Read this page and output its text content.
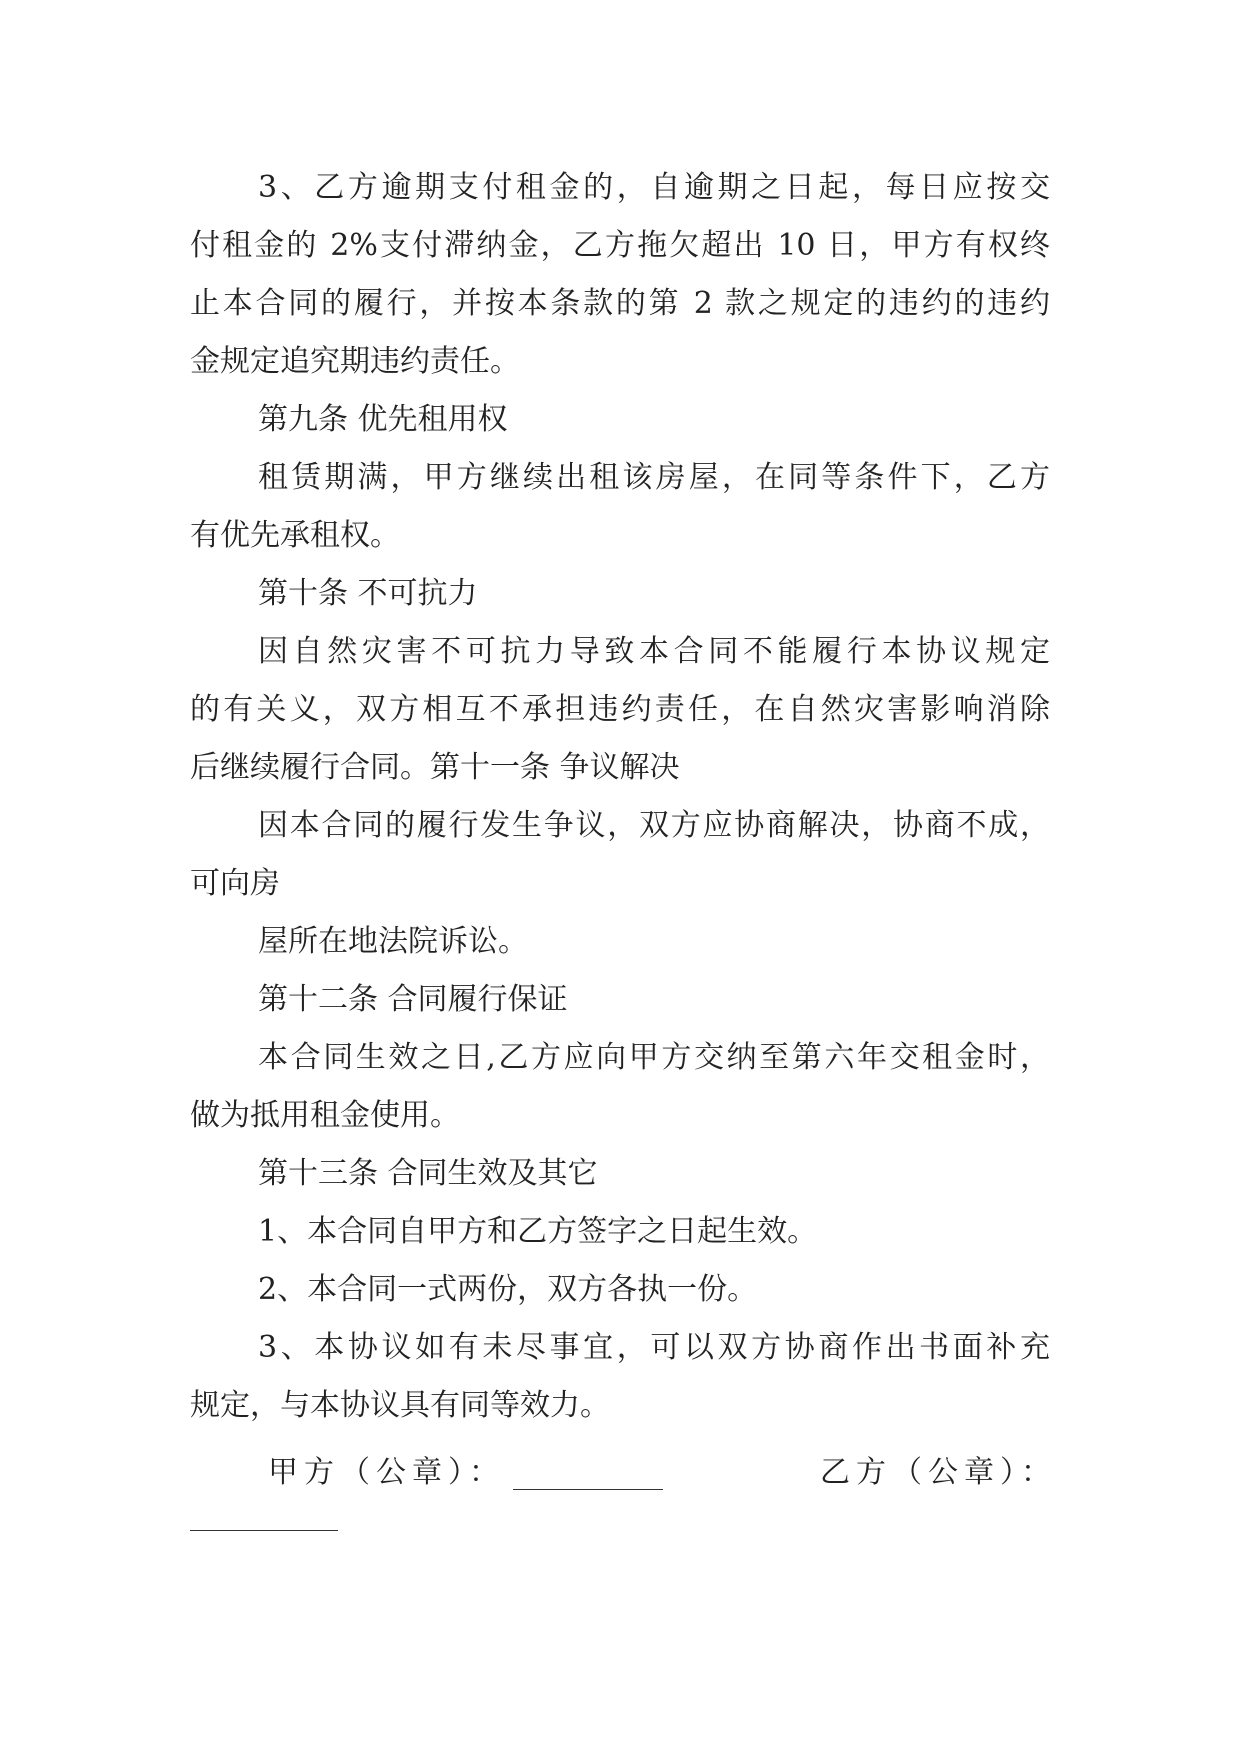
3、乙方逾期支付租金的，自逾期之日起，每日应按交
付租金的 2%支付滞纳金，乙方拖欠超出 10 日，甲方有权终
止本合同的履行，并按本条款的第 2 款之规定的违约的违约
金规定追究期违约责任。
第九条 优先租用权
租赁期满，甲方继续出租该房屋，在同等条件下，乙方
有优先承租权。
第十条 不可抗力
因自然灾害不可抗力导致本合同不能履行本协议规定
的有关义，双方相互不承担违约责任，在自然灾害影响消除
后继续履行合同。第十一条 争议解决
因本合同的履行发生争议，双方应协商解决，协商不成，
可向房
屋所在地法院诉讼。
第十二条 合同履行保证
本合同生效之日,乙方应向甲方交纳至第六年交租金时，
做为抵用租金使用。
第十三条 合同生效及其它
1、本合同自甲方和乙方签字之日起生效。
2、本合同一式两份，双方各执一份。
3、本协议如有未尽事宜，可以双方协商作出书面补充
规定，与本协议具有同等效力。
甲方（公章）：	乙方（公章）：
